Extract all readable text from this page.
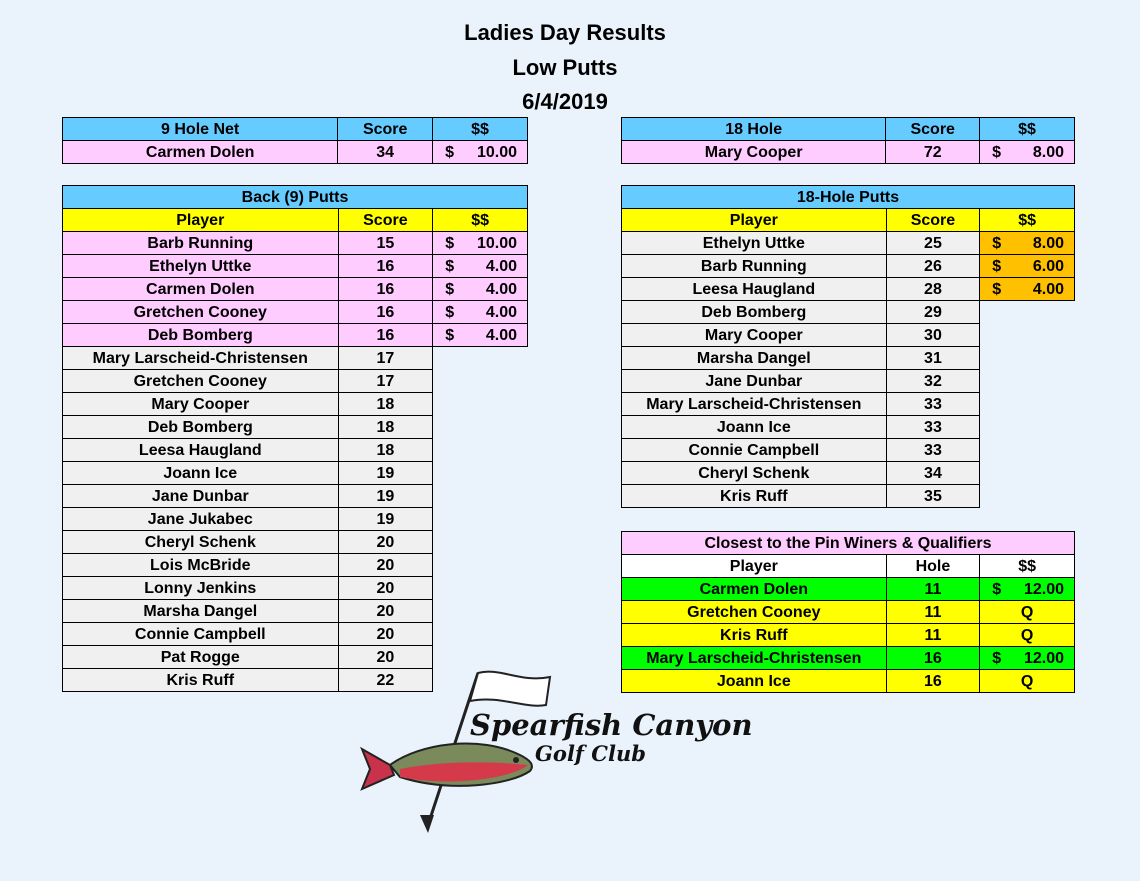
Ladies Day Results
Low Putts
6/4/2019
9 Hole Net	Score	$$
Carmen Dolen	34	$ 10.00
18 Hole	Score	$$
Mary Cooper	72	$ 8.00
Back (9) Putts		
Player	Score	$$
Barb Running	15	$ 10.00

Ethelyn Uttke	16	$ 4.00

Carmen Dolen	16	$ 4.00

Gretchen Cooney	16	$ 4.00

Deb Bomberg	16	$ 4.00

Mary Larscheid-Christensen	17	
Gretchen Cooney	17	
Mary Cooper	18	
Deb Bomberg	18	
Leesa Haugland	18	
Joann Ice	19	
Jane Dunbar	19	
Jane Jukabec	19	
Cheryl Schenk	20	
Lois McBride	20	
Lonny Jenkins	20	
Marsha Dangel	20	
Connie Campbell	20	
Pat Rogge	20	
Kris Ruff	22	
18-Hole Putts		
Player	Score	$$
Ethelyn Uttke	25	$ 8.00

Barb Running	26	$ 6.00

Leesa Haugland	28	$ 4.00

Deb Bomberg	29	
Mary Cooper	30	
Marsha Dangel	31	
Jane Dunbar	32	
Mary Larscheid-Christensen	33	
Joann Ice	33	
Connie Campbell	33	
Cheryl Schenk	34	
Kris Ruff	35	
Closest to the Pin Winers & Qualifiers		
Player	Hole	$$
Carmen Dolen	11	$ 12.00

Gretchen Cooney	11	Q
Kris Ruff	11	Q
Mary Larscheid-Christensen	16	$ 12.00

Joann Ice	16	Q
Spearfish Canyon
Golf Club
